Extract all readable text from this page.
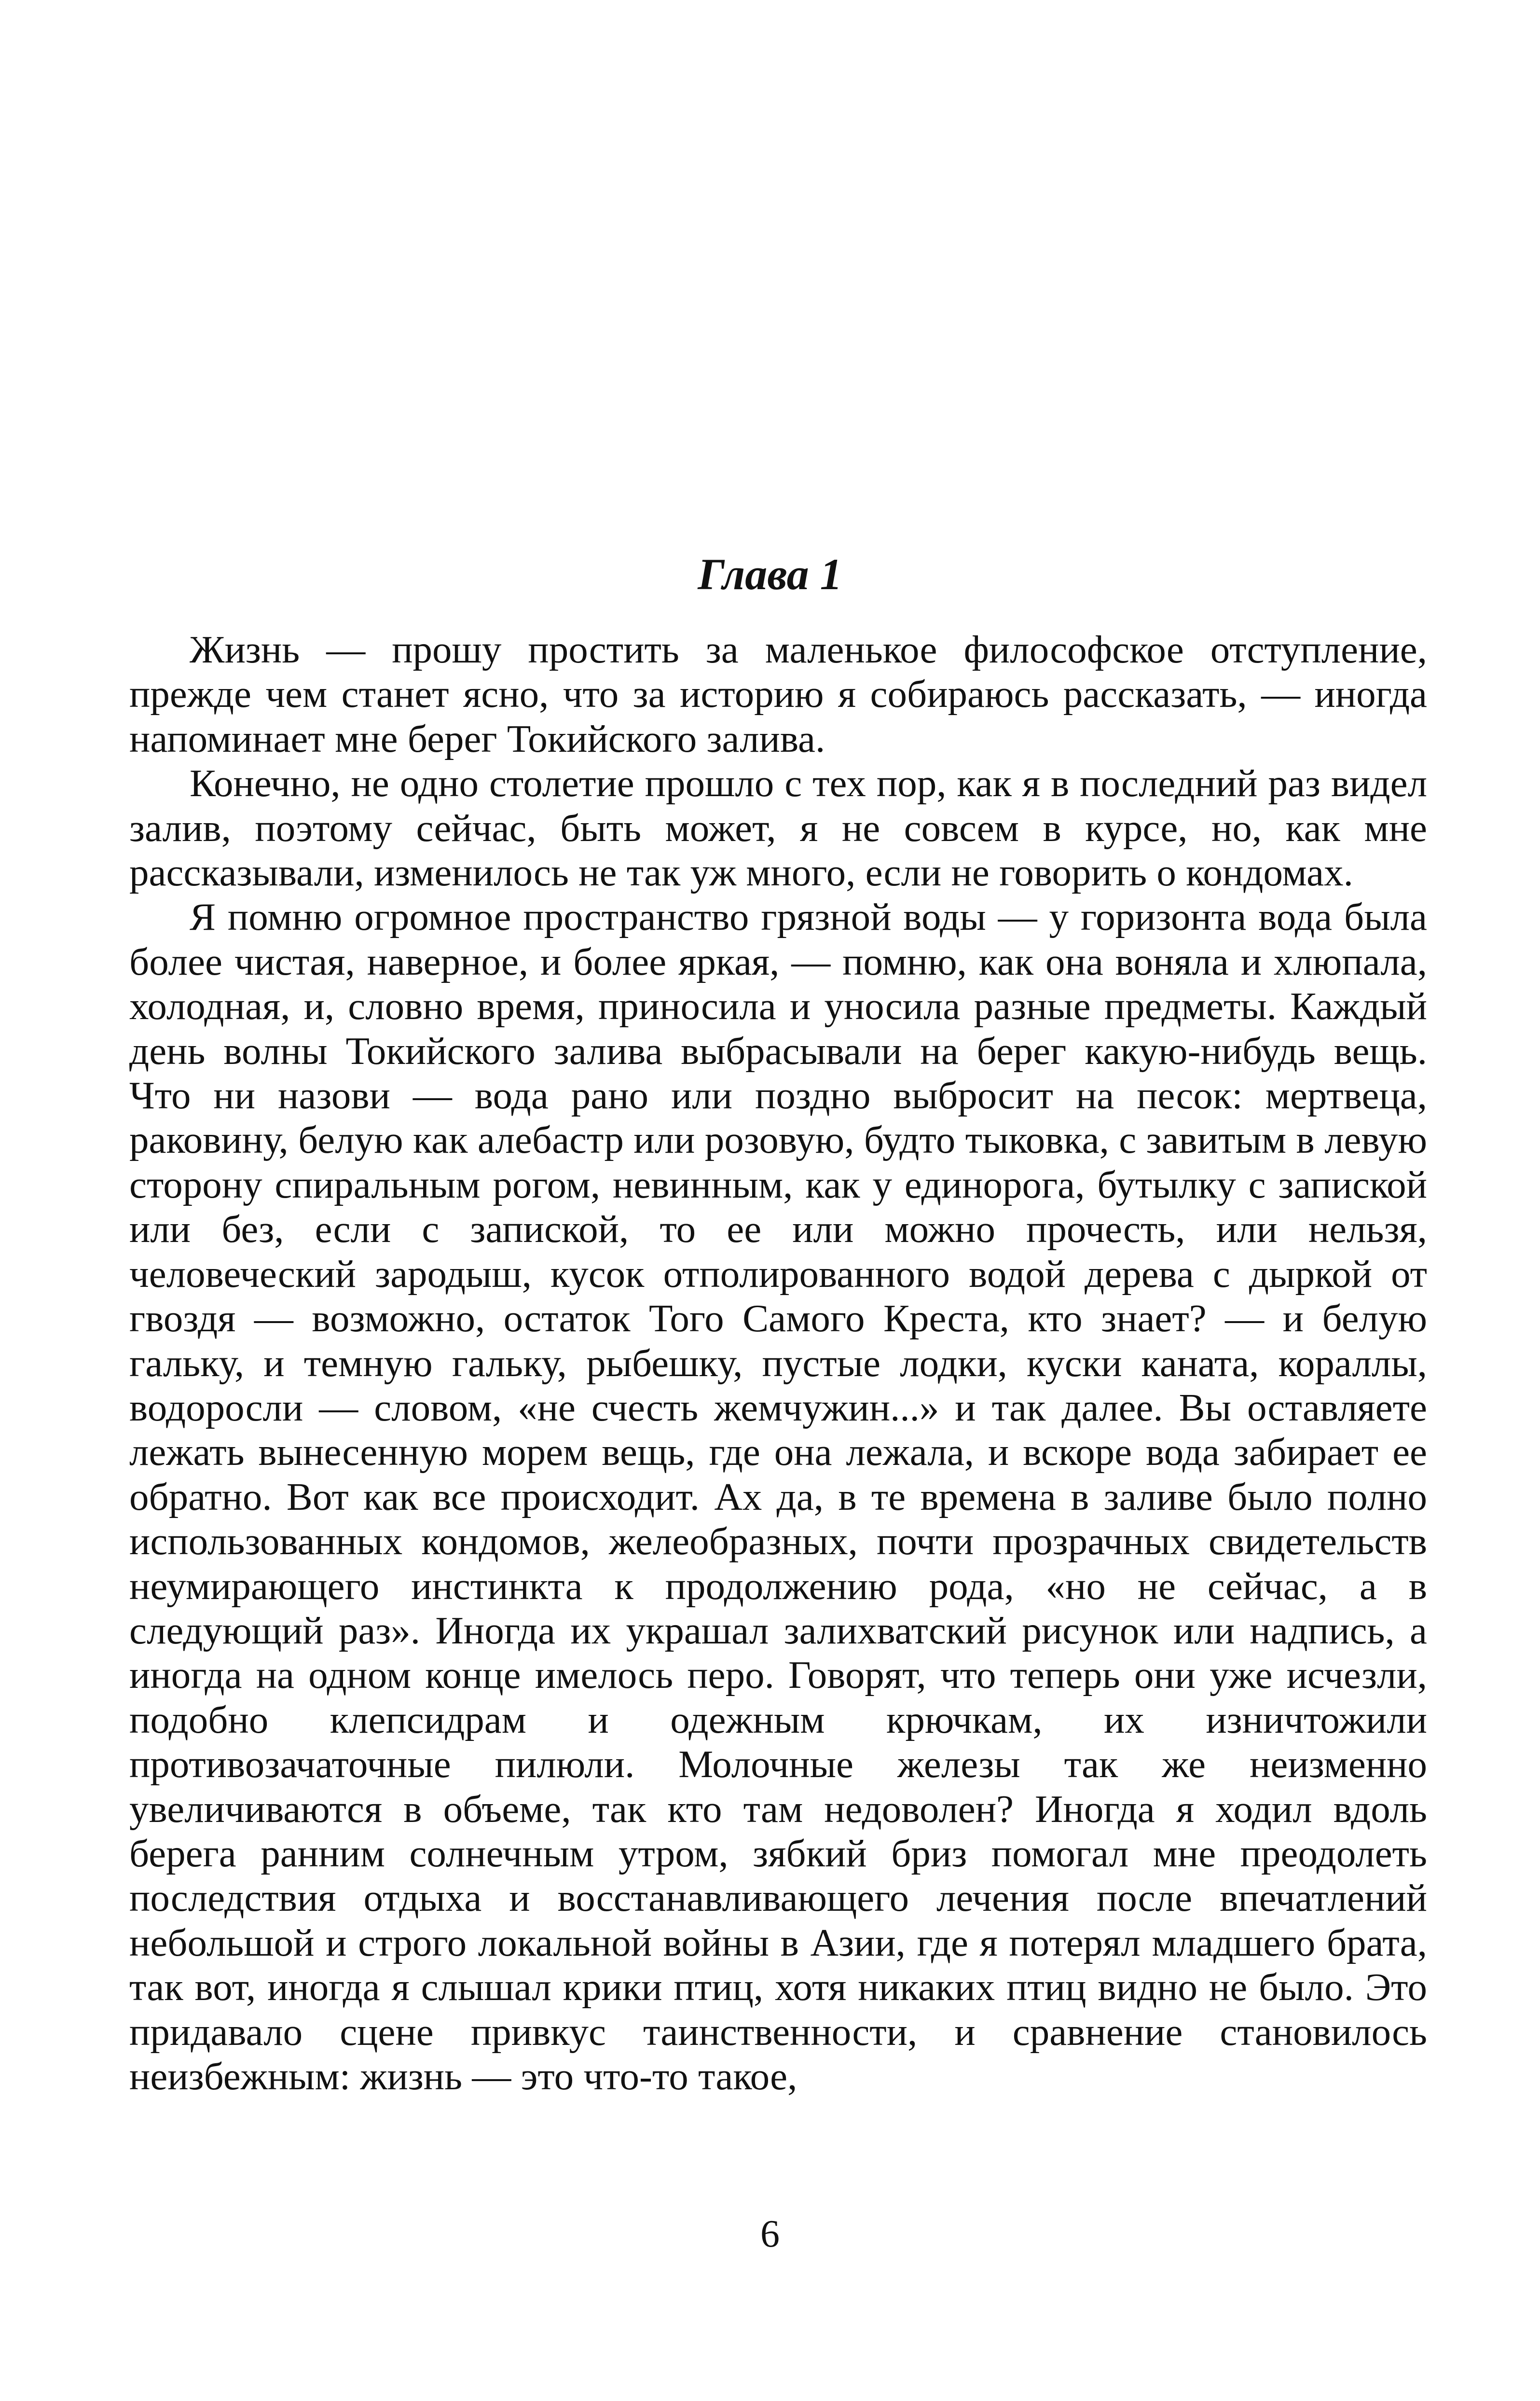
Глава 1

Жизнь — прошу простить за маленькое философское отступление, прежде чем станет ясно, что за историю я собираюсь рассказать, — иногда напоминает мне берег Токийского залива.

Конечно, не одно столетие прошло с тех пор, как я в последний раз видел залив, поэтому сейчас, быть может, я не совсем в курсе, но, как мне рассказывали, изменилось не так уж много, если не говорить о кондомах.

Я помню огромное пространство грязной воды — у горизонта вода была более чистая, наверное, и более яркая, — помню, как она воняла и хлюпала, холодная, и, словно время, приносила и уносила разные предметы. Каждый день волны Токийского залива выбрасывали на берег какую-нибудь вещь. Что ни назови — вода рано или поздно выбросит на песок: мертвеца, раковину, белую как алебастр или розовую, будто тыковка, с завитым в левую сторону спиральным рогом, невинным, как у единорога, бутылку с запиской или без, если с запиской, то ее или можно прочесть, или нельзя, человеческий зародыш, кусок отполированного водой дерева с дыркой от гвоздя — возможно, остаток Того Самого Креста, кто знает? — и белую гальку, и темную гальку, рыбешку, пустые лодки, куски каната, кораллы, водоросли — словом, «не счесть жемчужин...» и так далее. Вы оставляете лежать вынесенную морем вещь, где она лежала, и вскоре вода забирает ее обратно. Вот как все происходит. Ах да, в те времена в заливе было полно использованных кондомов, желеобразных, почти прозрачных свидетельств неумирающего инстинкта к продолжению рода, «но не сейчас, а в следующий раз». Иногда их украшал залихватский рисунок или надпись, а иногда на одном конце имелось перо. Говорят, что теперь они уже исчезли, подобно клепсидрам и одежным крючкам, их изничтожили противозачаточные пилюли. Молочные железы так же неизменно увеличиваются в объеме, так кто там недоволен? Иногда я ходил вдоль берега ранним солнечным утром, зябкий бриз помогал мне преодолеть последствия отдыха и восстанавливающего лечения после впечатлений небольшой и строго локальной войны в Азии, где я потерял младшего брата, так вот, иногда я слышал крики птиц, хотя никаких птиц видно не было. Это придавало сцене привкус таинственности, и сравнение становилось неизбежным: жизнь — это что-то такое,

6
